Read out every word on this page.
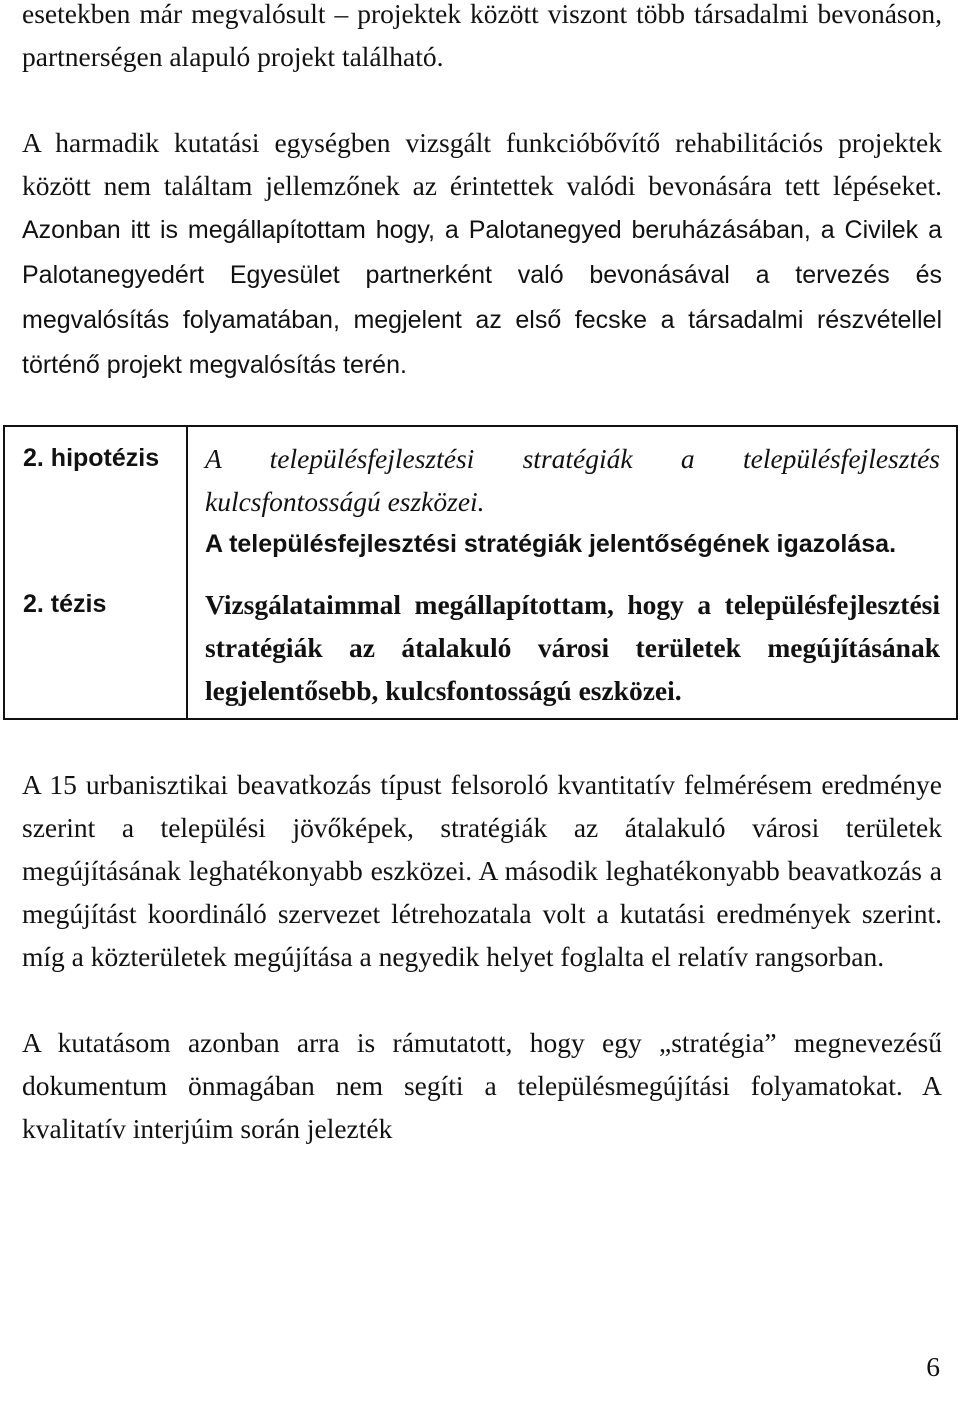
esetekben már megvalósult – projektek között viszont több társadalmi bevonáson, partnerségen alapuló projekt található.

A harmadik kutatási egységben vizsgált funkcióbővítő rehabilitációs projektek között nem találtam jellemzőnek az érintettek valódi bevonására tett lépéseket. Azonban itt is megállapítottam hogy, a Palotanegyed beruházásában, a Civilek a Palotanegyedért Egyesület partnerként való bevonásával a tervezés és megvalósítás folyamatában, megjelent az első fecske a társadalmi részvétellel történő projekt megvalósítás terén.

2. hipotézis	A településfejlesztési stratégiák a településfejlesztés kulcsfontosságú eszközei.
A településfejlesztési stratégiák jelentőségének igazolása.

2. tézis	Vizsgálataimmal megállapítottam, hogy a településfejlesztési stratégiák az átalakuló városi területek megújításának legjelentősebb, kulcsfontosságú eszközei.

A 15 urbanisztikai beavatkozás típust felsoroló kvantitatív felmérésem eredménye szerint a települési jövőképek, stratégiák az átalakuló városi területek megújításának leghatékonyabb eszközei. A második leghatékonyabb beavatkozás a megújítást koordináló szervezet létrehozatala volt a kutatási eredmények szerint. míg a közterületek megújítása a negyedik helyet foglalta el relatív rangsorban.

A kutatásom azonban arra is rámutatott, hogy egy „stratégia” megnevezésű dokumentum önmagában nem segíti a településmegújítási folyamatokat. A kvalitatív interjúim során jelezték

6
